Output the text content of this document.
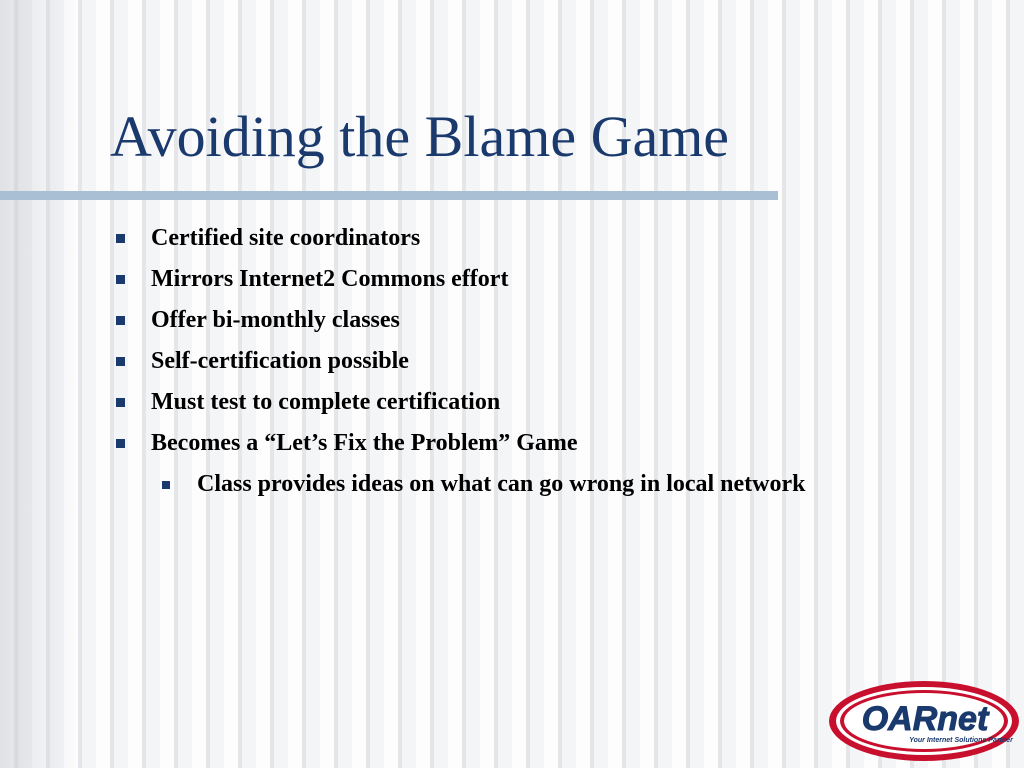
Avoiding the Blame Game
Certified site coordinators
Mirrors Internet2 Commons effort
Offer bi-monthly classes
Self-certification possible
Must test to complete certification
Becomes a “Let’s Fix the Problem” Game
Class provides ideas on what can go wrong in local network
OARnet
Your Internet Solutions Partner
